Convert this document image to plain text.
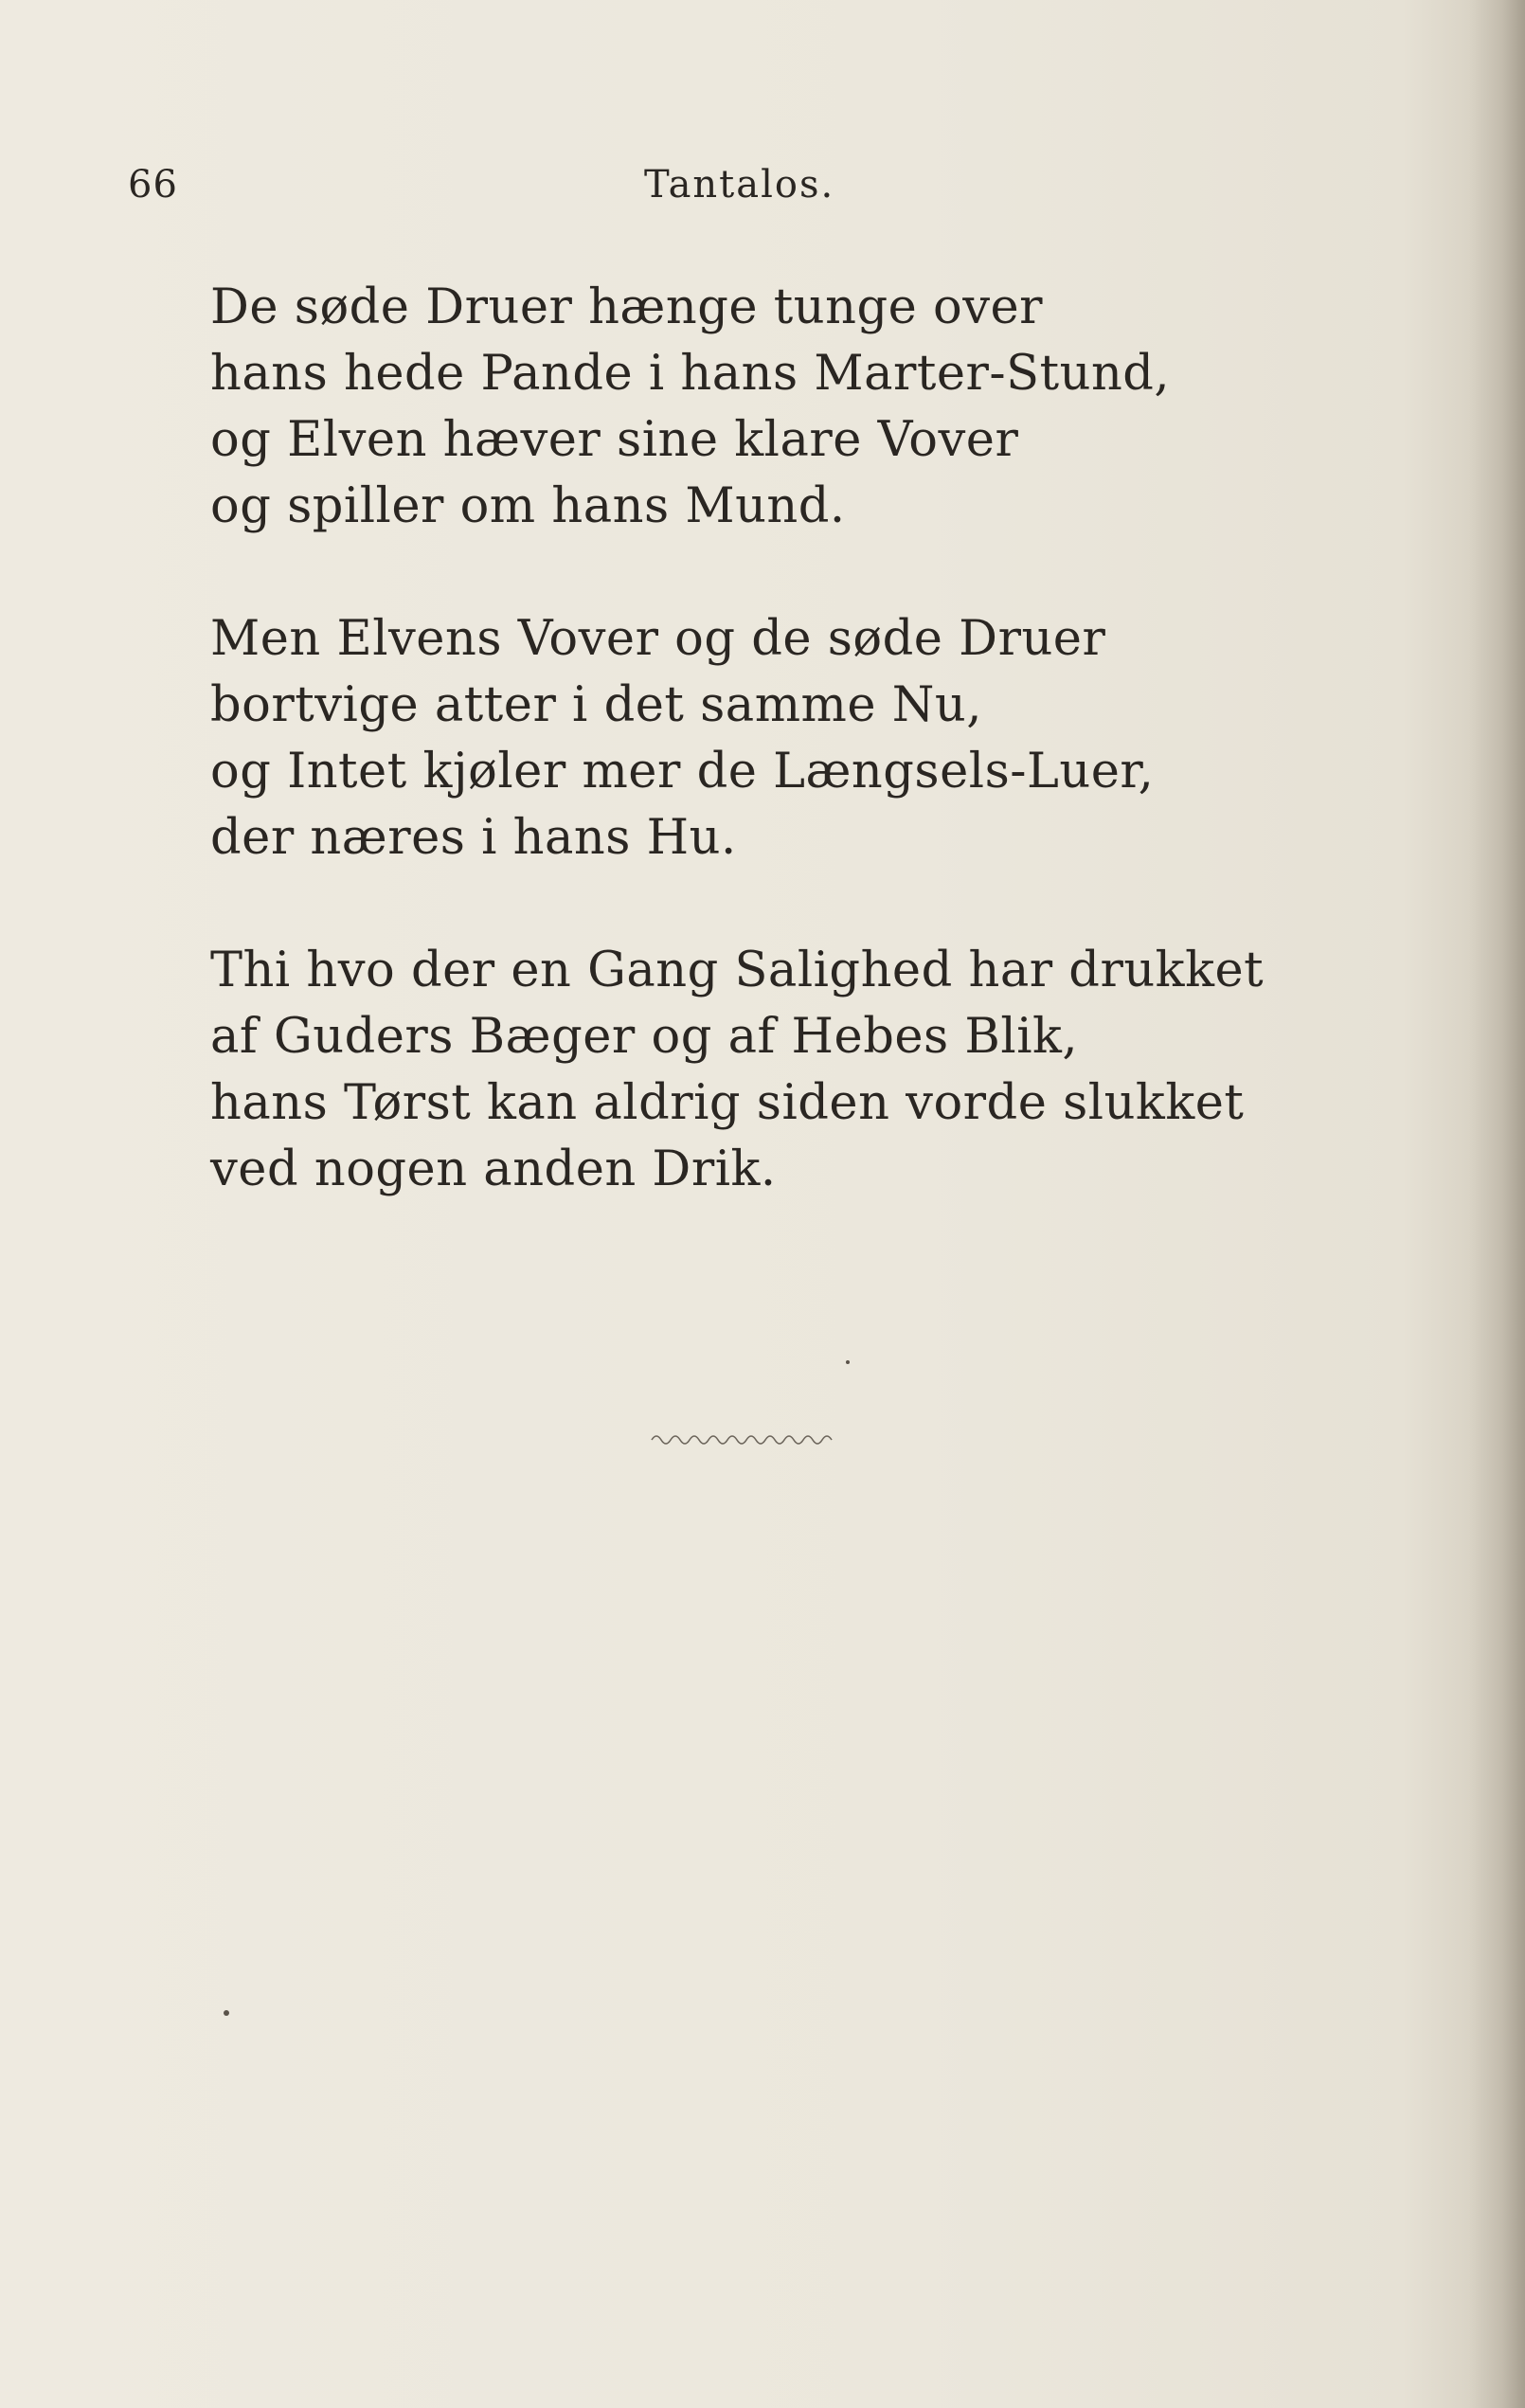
66	Tantalos.
De søde Druer hænge tunge over
hans hede Pande i hans Marter-Stund,
og Elven hæver sine klare Vover
og spiller om hans Mund.
Men Elvens Vover og de søde Druer
bortvige atter i det samme Nu,
og Intet kjøler mer de Længsels-Luer,
der næres i hans Hu.
Thi hvo der en Gang Salighed har drukket
af Guders Bæger og af Hebes Blik,
hans Tørst kan aldrig siden vorde slukket
ved nogen anden Drik.
